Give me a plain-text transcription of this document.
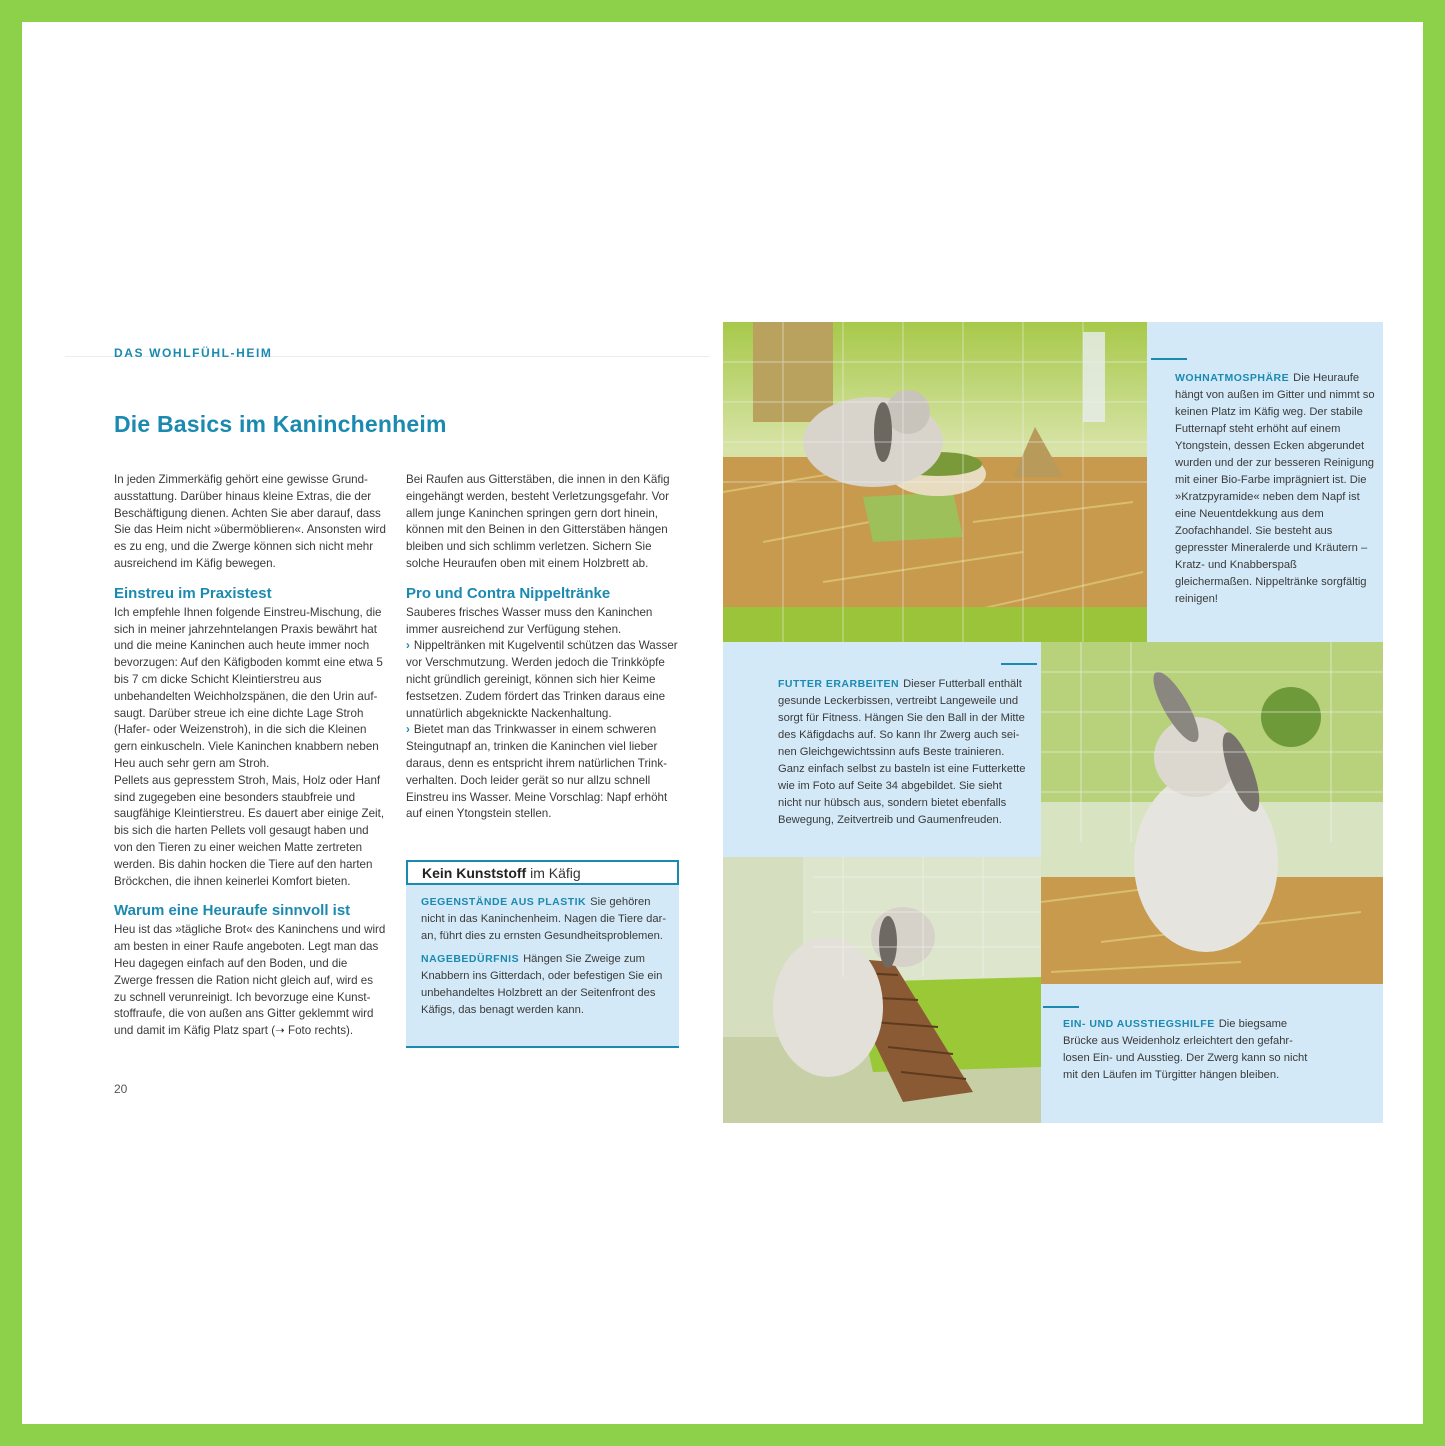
DAS WOHLFÜHL-HEIM
Die Basics im Kaninchenheim

In jeden Zimmerkäfig gehört eine gewisse Grundausstattung. Darüber hinaus kleine Extras, die der Beschäftigung dienen. Achten Sie aber darauf, dass Sie das Heim nicht »übermöblieren«. Ansonsten wird es zu eng, und die Zwerge können sich nicht mehr ausreichend im Käfig bewegen.

Einstreu im Praxistest

Ich empfehle Ihnen folgende Einstreu-Mischung, die sich in meiner jahrzehntelangen Praxis bewährt hat und die meine Kaninchen auch heute immer noch bevorzugen: Auf den Käfigboden kommt eine etwa 5 bis 7 cm dicke Schicht Kleintierstreu aus unbehandelten Weichholzspänen, die den Urin aufsaugt. Darüber streue ich eine dichte Lage Stroh (Hafer- oder Weizenstroh), in die sich die Kleinen gern einkuscheln. Viele Kaninchen knabbern neben Heu auch sehr gern am Stroh.

Pellets aus gepresstem Stroh, Mais, Holz oder Hanf sind zugegeben eine besonders staubfreie und saugfähige Kleintierstreu. Es dauert aber einige Zeit, bis sich die harten Pellets voll gesaugt haben und von den Tieren zu einer weichen Matte zertreten werden. Bis dahin hocken die Tiere auf den harten Bröckchen, die ihnen keinerlei Komfort bieten.

Warum eine Heuraufe sinnvoll ist

Heu ist das »tägliche Brot« des Kaninchens und wird am besten in einer Raufe angeboten. Legt man das Heu dagegen einfach auf den Boden, und die Zwerge fressen die Ration nicht gleich auf, wird es zu schnell verunreinigt. Ich bevorzuge eine Kunststoffraufe, die von außen ans Gitter geklemmt wird und damit im Käfig Platz spart (➝ Foto rechts).

Bei Raufen aus Gitterstäben, die innen in den Käfig eingehängt werden, besteht Verletzungsgefahr. Vor allem junge Kaninchen springen gern dort hinein, können mit den Beinen in den Gitterstäben hängen bleiben und sich schlimm verletzen. Sichern Sie solche Heuraufen oben mit einem Holzbrett ab.

Pro und Contra Nippeltränke

Sauberes frisches Wasser muss den Kaninchen immer ausreichend zur Verfügung stehen.

› Nippeltränken mit Kugelventil schützen das Wasser vor Verschmutzung. Werden jedoch die Trinkköpfe nicht gründlich gereinigt, können sich hier Keime festsetzen. Zudem fördert das Trinken daraus eine unnatürlich abgeknickte Nackenhaltung.

› Bietet man das Trinkwasser in einem schweren Steingutnapf an, trinken die Kaninchen viel lieber daraus, denn es entspricht ihrem natürlichen Trinkverhalten. Doch leider gerät so nur allzu schnell Einstreu ins Wasser. Meine Vorschlag: Napf erhöht auf einen Ytongstein stellen.

Kein Kunststoff im Käfig

GEGENSTÄNDE AUS PLASTIK Sie gehören nicht in das Kaninchenheim. Nagen die Tiere daran, führt dies zu ernsten Gesundheitsproblemen.

NAGEBEDÜRFNIS Hängen Sie Zweige zum Knabbern ins Gitterdach, oder befestigen Sie ein unbehandeltes Holzbrett an der Seitenfront des Käfigs, das benagt werden kann.

20
WOHNATMOSPHÄRE Die Heuraufe hängt von außen im Gitter und nimmt so keinen Platz im Käfig weg. Der stabile Futternapf steht erhöht auf einem Ytongstein, dessen Ecken abgerundet wurden und der zur besseren Reinigung mit einer Bio-Farbe imprägniert ist. Die »Kratzpyramide« neben dem Napf ist eine Neuentdekkung aus dem Zoofachhandel. Sie besteht aus gepresster Mineralerde und Kräutern – Kratz- und Knabberspaß gleichermaßen. Nippeltränke sorgfältig reinigen!
FUTTER ERARBEITEN Dieser Futterball enthält gesunde Leckerbissen, vertreibt Langeweile und sorgt für Fitness. Hängen Sie den Ball in der Mitte des Käfigdachs auf. So kann Ihr Zwerg auch seinen Gleichgewichtssinn aufs Beste trainieren. Ganz einfach selbst zu basteln ist eine Futterkette wie im Foto auf Seite 34 abgebildet. Sie sieht nicht nur hübsch aus, sondern bietet ebenfalls Bewegung, Zeitvertreib und Gaumenfreuden.
EIN- UND AUSSTIEGSHILFE Die biegsame Brücke aus Weidenholz erleichtert den gefahrlosen Ein- und Ausstieg. Der Zwerg kann so nicht mit den Läufen im Türgitter hängen bleiben.
